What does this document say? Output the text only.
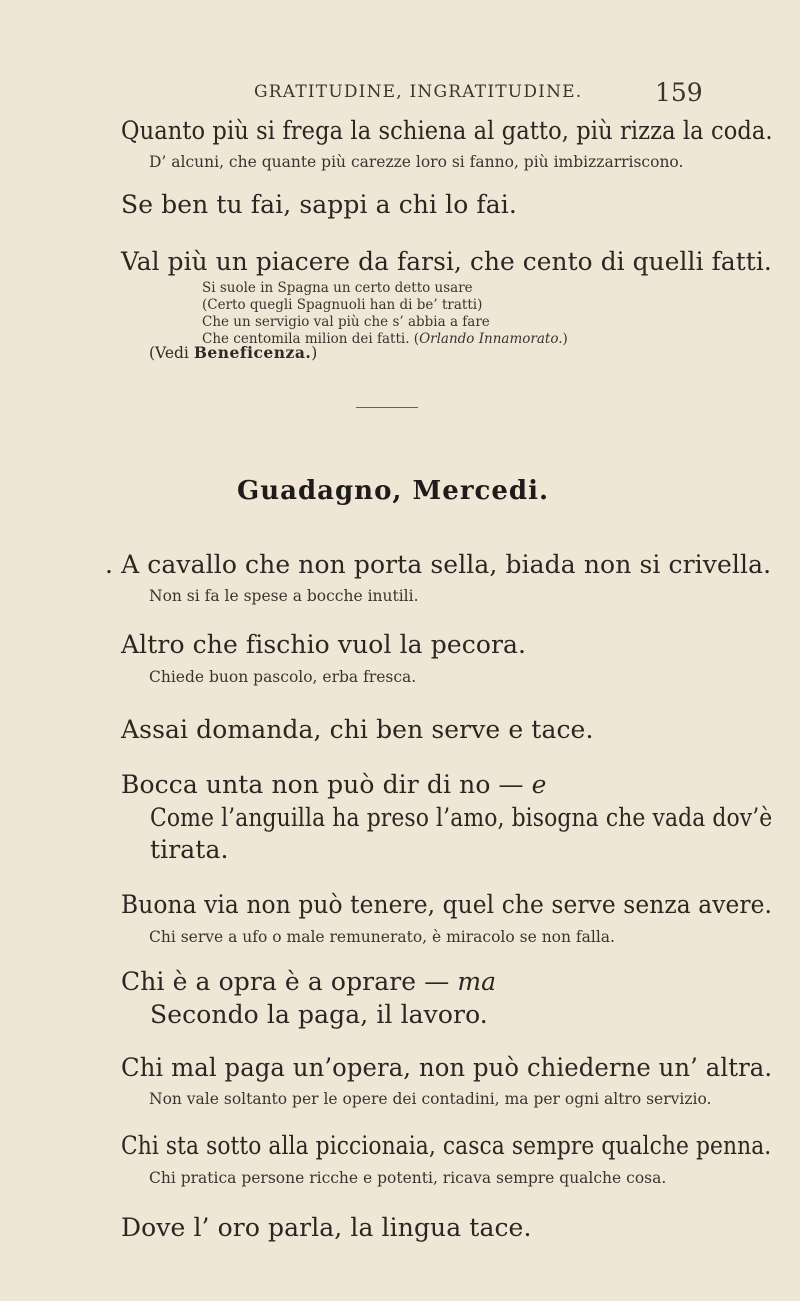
GRATITUDINE, INGRATITUDINE.	159
Quanto più si frega la schiena al gatto, più rizza la coda.
D’ alcuni, che quante più carezze loro si fanno, più imbizzarriscono.
Se ben tu fai, sappi a chi lo fai.
Val più un piacere da farsi, che cento di quelli fatti.
Si suole in Spagna un certo detto usare
(Certo quegli Spagnuoli han di be’ tratti)
Che un servigio val più che s’ abbia a fare
Che centomila milion dei fatti. (Orlando Innamorato.)
(Vedi Beneficenza.)
Guadagno, Mercedi.
. A cavallo che non porta sella, biada non si crivella.
Non si fa le spese a bocche inutili.
Altro che fischio vuol la pecora.
Chiede buon pascolo, erba fresca.
Assai domanda, chi ben serve e tace.
Bocca unta non può dir di no — e
Come l’anguilla ha preso l’amo, bisogna che vada dov’è
tirata.
Buona via non può tenere, quel che serve senza avere.
Chi serve a ufo o male remunerato, è miracolo se non falla.
Chi è a opra è a oprare — ma
Secondo la paga, il lavoro.
Chi mal paga un’opera, non può chiederne un’ altra.
Non vale soltanto per le opere dei contadini, ma per ogni altro servizio.
Chi sta sotto alla piccionaia, casca sempre qualche penna.
Chi pratica persone ricche e potenti, ricava sempre qualche cosa.
Dove l’ oro parla, la lingua tace.
